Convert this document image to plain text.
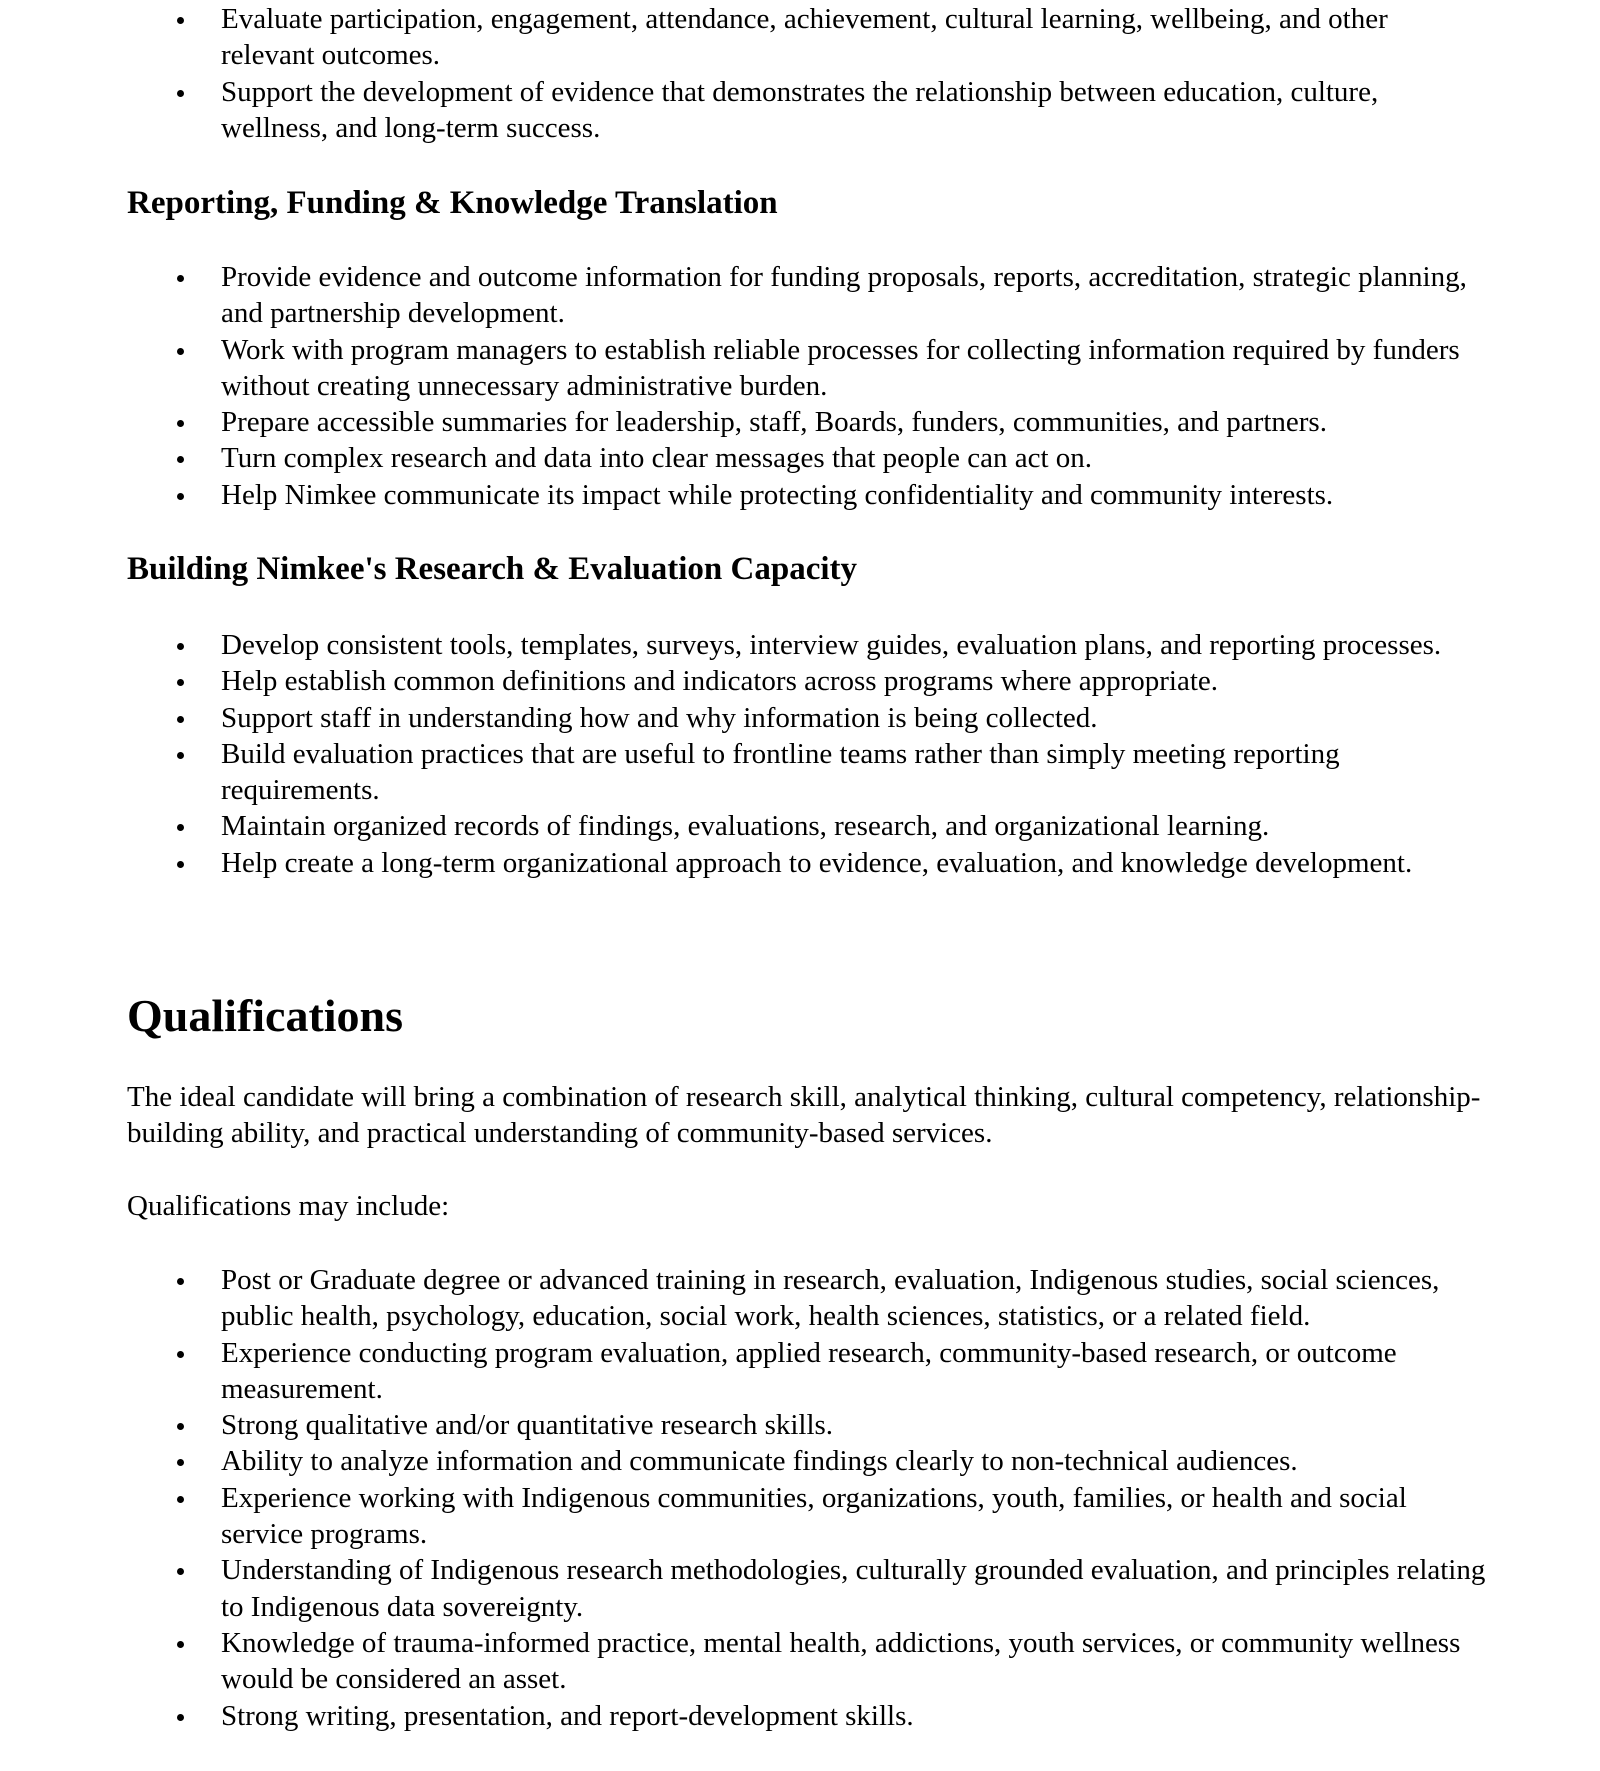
Evaluate participation, engagement, attendance, achievement, cultural learning, wellbeing, and other relevant outcomes.
Support the development of evidence that demonstrates the relationship between education, culture, wellness, and long-term success.
Reporting, Funding & Knowledge Translation
Provide evidence and outcome information for funding proposals, reports, accreditation, strategic planning, and partnership development.
Work with program managers to establish reliable processes for collecting information required by funders without creating unnecessary administrative burden.
Prepare accessible summaries for leadership, staff, Boards, funders, communities, and partners.
Turn complex research and data into clear messages that people can act on.
Help Nimkee communicate its impact while protecting confidentiality and community interests.
Building Nimkee's Research & Evaluation Capacity
Develop consistent tools, templates, surveys, interview guides, evaluation plans, and reporting processes.
Help establish common definitions and indicators across programs where appropriate.
Support staff in understanding how and why information is being collected.
Build evaluation practices that are useful to frontline teams rather than simply meeting reporting requirements.
Maintain organized records of findings, evaluations, research, and organizational learning.
Help create a long-term organizational approach to evidence, evaluation, and knowledge development.
Qualifications

The ideal candidate will bring a combination of research skill, analytical thinking, cultural competency, relationship-building ability, and practical understanding of community-based services.

Qualifications may include:

Post or Graduate degree or advanced training in research, evaluation, Indigenous studies, social sciences, public health, psychology, education, social work, health sciences, statistics, or a related field.
Experience conducting program evaluation, applied research, community-based research, or outcome measurement.
Strong qualitative and/or quantitative research skills.
Ability to analyze information and communicate findings clearly to non-technical audiences.
Experience working with Indigenous communities, organizations, youth, families, or health and social service programs.
Understanding of Indigenous research methodologies, culturally grounded evaluation, and principles relating to Indigenous data sovereignty.
Knowledge of trauma-informed practice, mental health, addictions, youth services, or community wellness would be considered an asset.
Strong writing, presentation, and report-development skills.
